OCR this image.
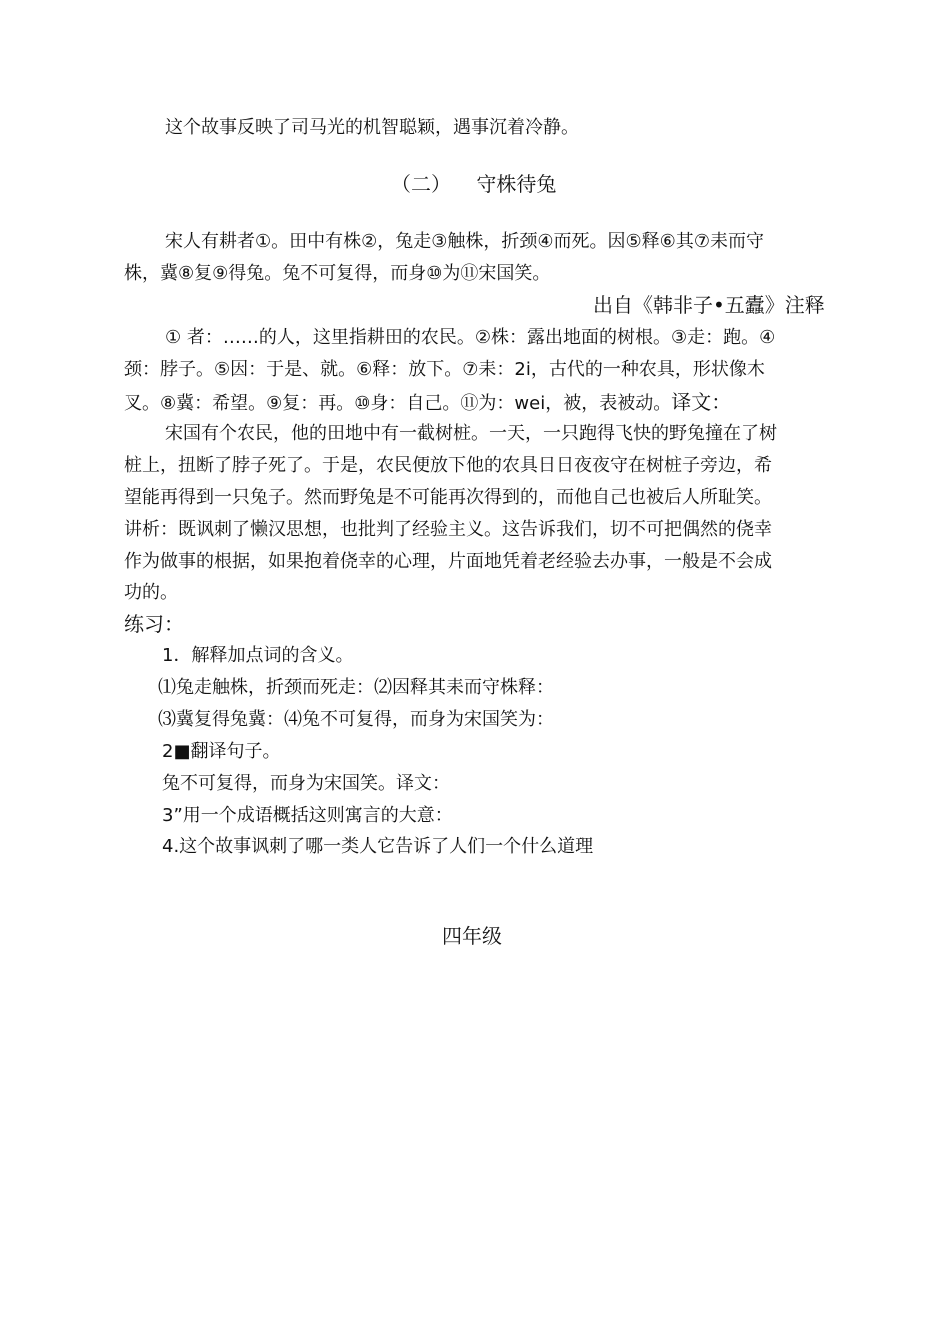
这个故事反映了司马光的机智聪颖，遇事沉着冷静。
（二）    守株待兔
宋人有耕者①。田中有株②，兔走③触株，折颈④而死。因⑤释⑥其⑦耒而守
株，冀⑧复⑨得兔。兔不可复得，而身⑩为⑪宋国笑。
出自《韩非子•五蠹》注释
① 者：……的人，这里指耕田的农民。②株：露出地面的树根。③走：跑。④
颈：脖子。⑤因：于是、就。⑥释：放下。⑦耒：2i，古代的一种农具，形状像木
叉。⑧冀：希望。⑨复：再。⑩身：自己。⑪为：wei，被，表被动。译文：
宋国有个农民，他的田地中有一截树桩。一天，一只跑得飞快的野兔撞在了树
桩上，扭断了脖子死了。于是，农民便放下他的农具日日夜夜守在树桩子旁边，希
望能再得到一只兔子。然而野兔是不可能再次得到的，而他自己也被后人所耻笑。
讲析：既讽刺了懒汉思想，也批判了经验主义。这告诉我们，切不可把偶然的侥幸
作为做事的根据，如果抱着侥幸的心理，片面地凭着老经验去办事，一般是不会成
功的。
练习：
1．解释加点词的含义。
⑴兔走触株，折颈而死走：⑵因释其耒而守株释：
⑶冀复得兔冀：⑷兔不可复得，而身为宋国笑为：
2■翻译句子。
兔不可复得，而身为宋国笑。译文：
3”用一个成语概括这则寓言的大意：
4.这个故事讽刺了哪一类人它告诉了人们一个什么道理
四年级
